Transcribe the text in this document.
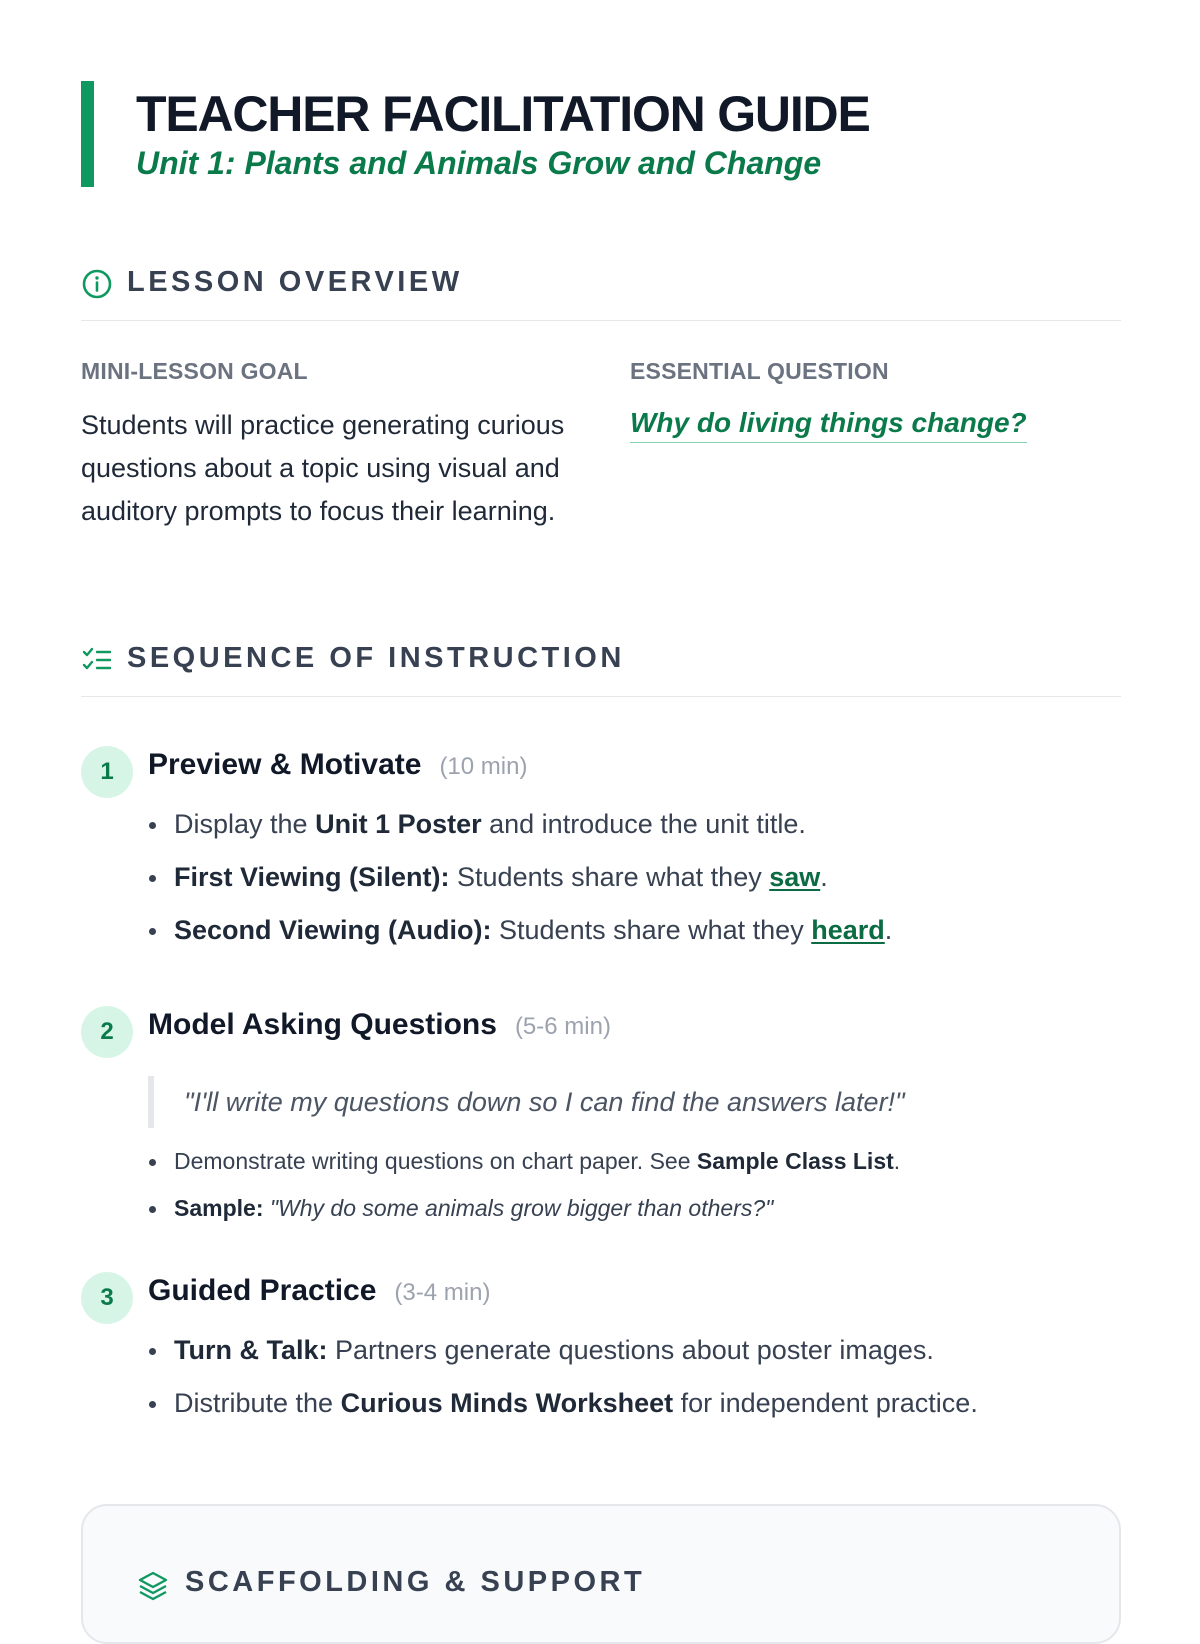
TEACHER FACILITATION GUIDE
Unit 1: Plants and Animals Grow and Change
LESSON OVERVIEW
MINI-LESSON GOAL

Students will practice generating curious questions about a topic using visual and auditory prompts to focus their learning.

ESSENTIAL QUESTION
Why do living things change?
SEQUENCE OF INSTRUCTION
1	Preview & Motivate (10 min)
Display the Unit 1 Poster and introduce the unit title.
First Viewing (Silent): Students share what they saw.
Second Viewing (Audio): Students share what they heard.
2	Model Asking Questions (5-6 min)
"I'll write my questions down so I can find the answers later!"
Demonstrate writing questions on chart paper. See Sample Class List.
Sample: "Why do some animals grow bigger than others?"
3	Guided Practice (3-4 min)
Turn & Talk: Partners generate questions about poster images.
Distribute the Curious Minds Worksheet for independent practice.
SCAFFOLDING & SUPPORT
